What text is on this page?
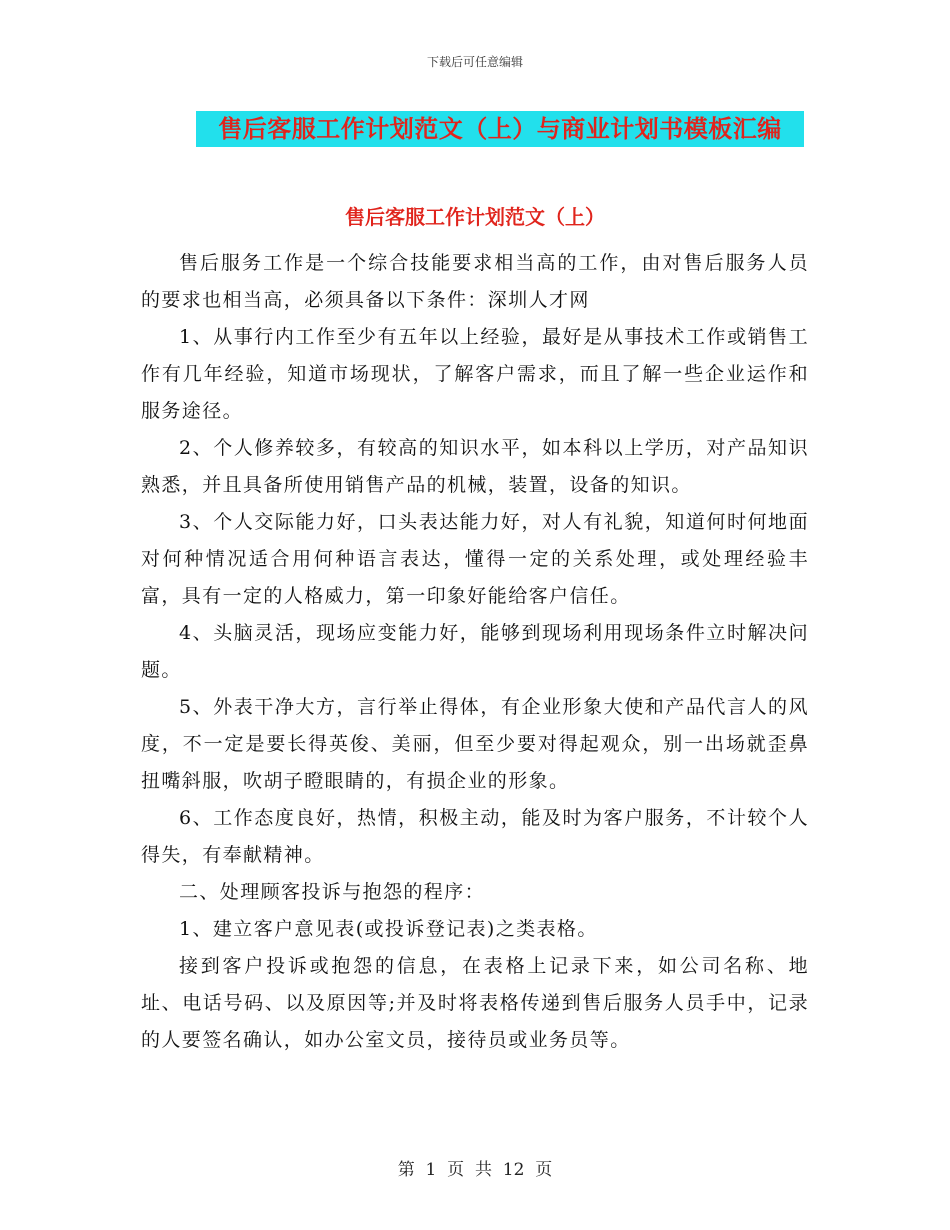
下载后可任意编辑
售后客服工作计划范文（上）与商业计划书模板汇编
售后客服工作计划范文（上）

售后服务工作是一个综合技能要求相当高的工作，由对售后服务人员的要求也相当高，必须具备以下条件：深圳人才网

1、从事行内工作至少有五年以上经验，最好是从事技术工作或销售工作有几年经验，知道市场现状，了解客户需求，而且了解一些企业运作和服务途径。

2、个人修养较多，有较高的知识水平，如本科以上学历，对产品知识熟悉，并且具备所使用销售产品的机械，装置，设备的知识。

3、个人交际能力好，口头表达能力好，对人有礼貌，知道何时何地面对何种情况适合用何种语言表达，懂得一定的关系处理，或处理经验丰富，具有一定的人格威力，第一印象好能给客户信任。

4、头脑灵活，现场应变能力好，能够到现场利用现场条件立时解决问题。

5、外表干净大方，言行举止得体，有企业形象大使和产品代言人的风度，不一定是要长得英俊、美丽，但至少要对得起观众，别一出场就歪鼻扭嘴斜服，吹胡子瞪眼睛的，有损企业的形象。

6、工作态度良好，热情，积极主动，能及时为客户服务，不计较个人得失，有奉献精神。

二、处理顾客投诉与抱怨的程序：

1、建立客户意见表(或投诉登记表)之类表格。

接到客户投诉或抱怨的信息，在表格上记录下来，如公司名称、地址、电话号码、以及原因等;并及时将表格传递到售后服务人员手中，记录的人要签名确认，如办公室文员，接待员或业务员等。

第  1  页  共  12  页
